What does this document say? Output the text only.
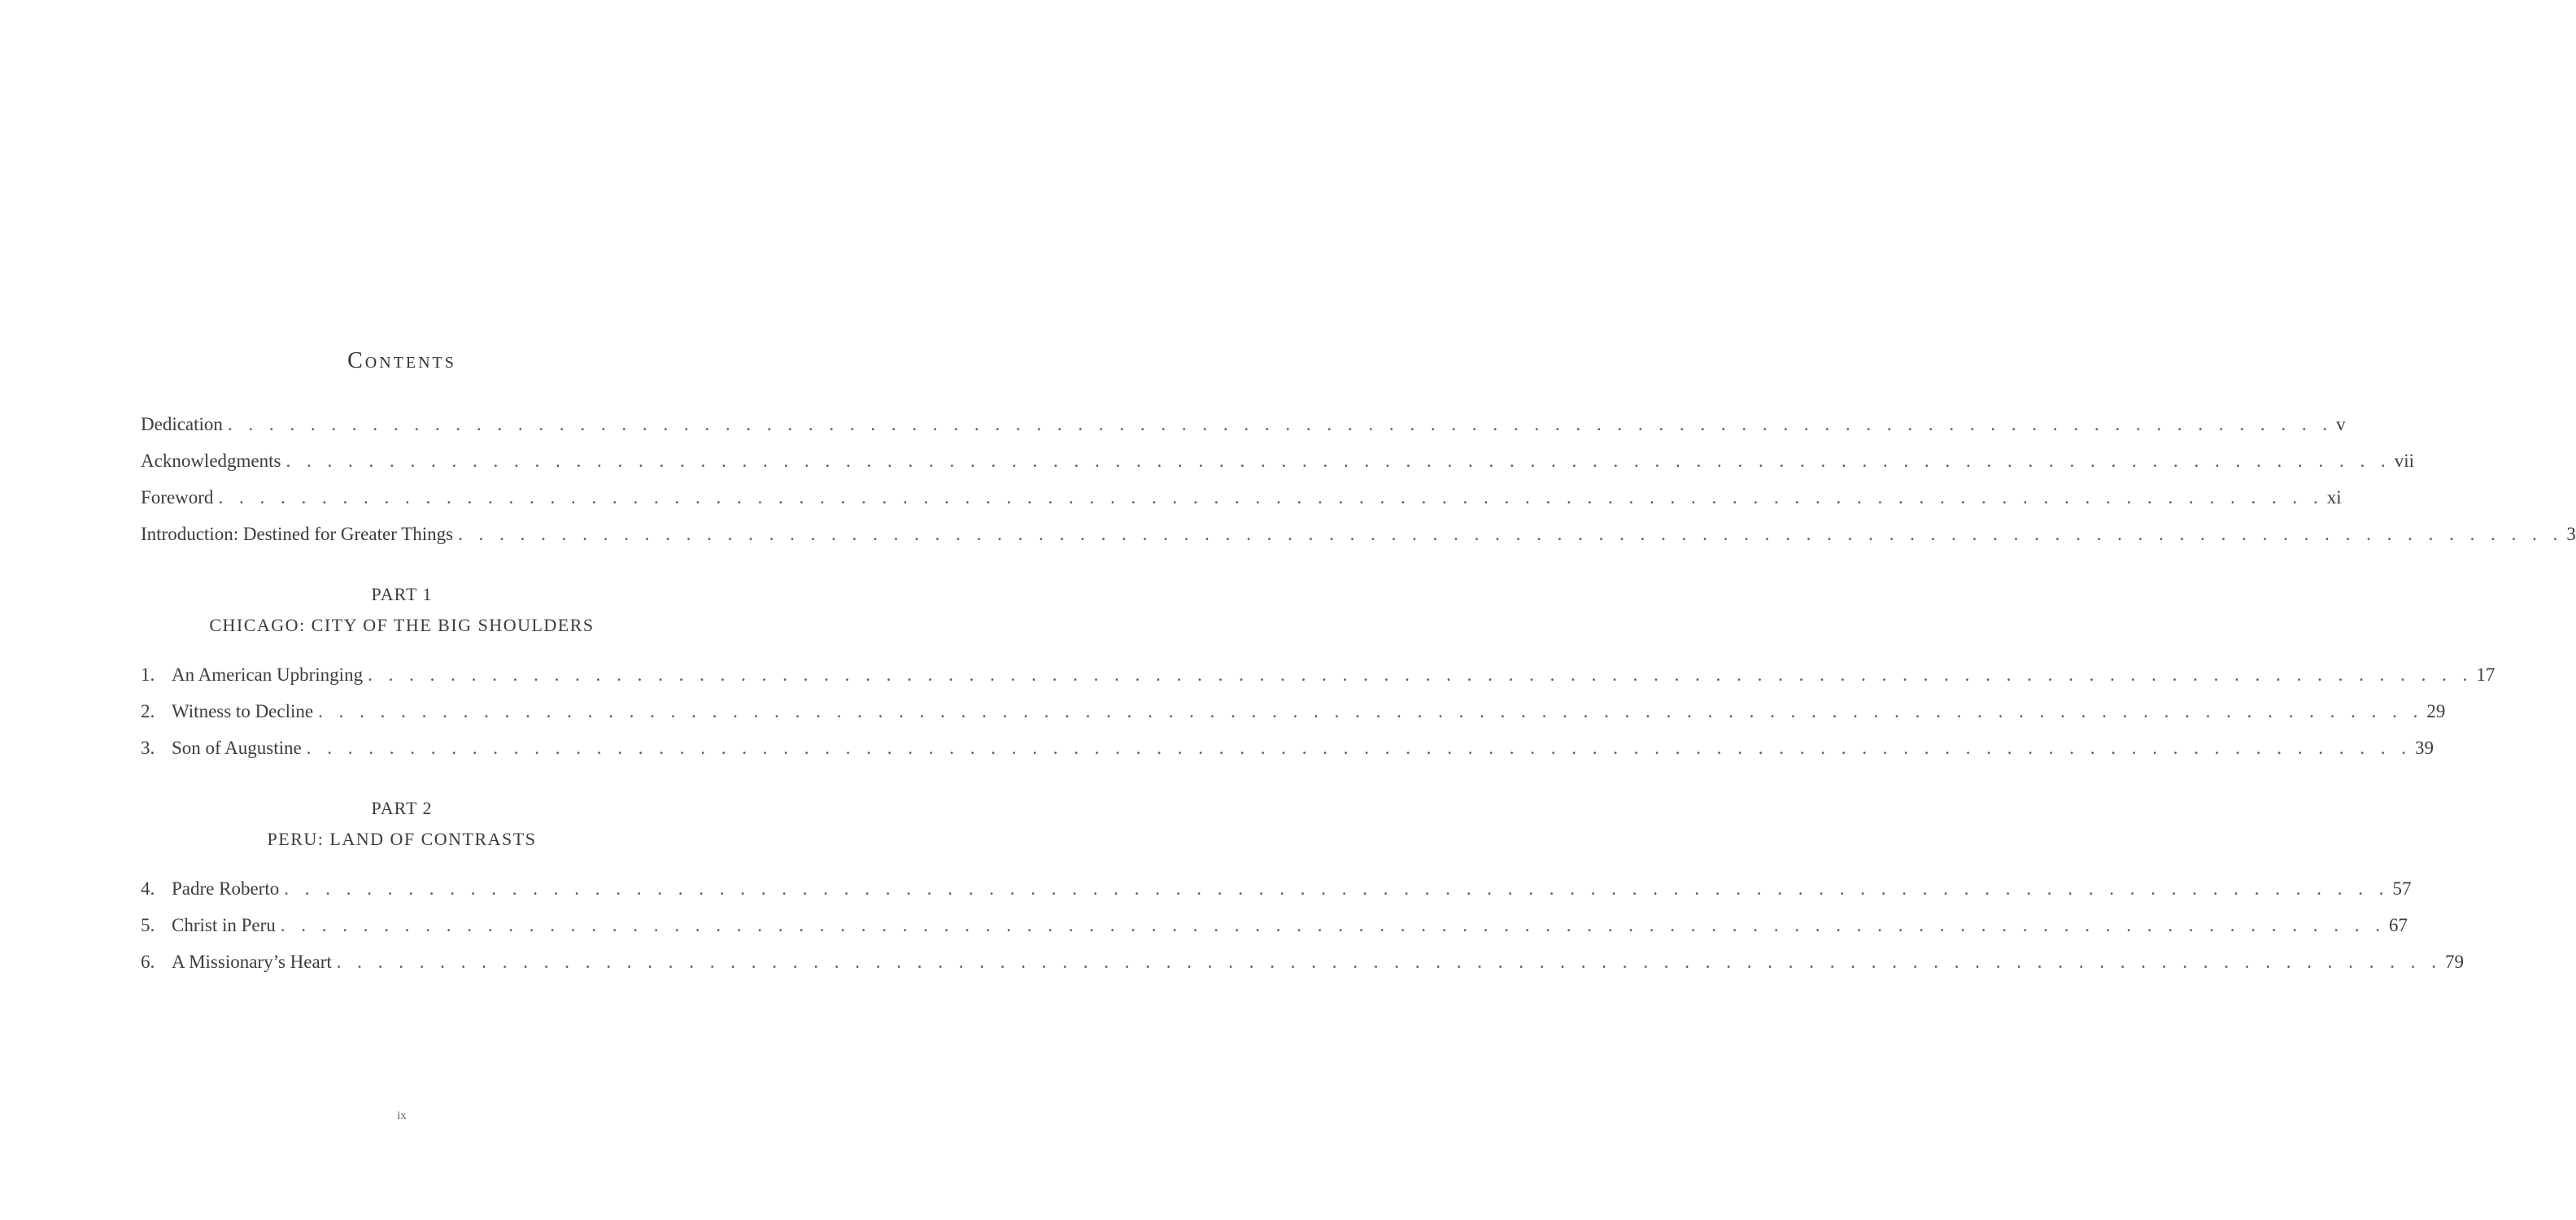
Contents
Dedication . . . . . . . . . . . . . . . . . . . . . . . . . . . . . . . . . . . . . . . . . . . . . . . . . . . . . . . . . . . . . . . . . . . . . . . . . . . . . . . . . . . . . . . . . . . . . . . . . . . . . . v
Acknowledgments . . . . . . . . . . . . . . . . . . . . . . . . . . . . . . . . . . . . . . . . . . . . . . . . . . . . . . . . . . . . . . . . . . . . . . . . . . . . . . . . . . . . . . . . . . . . . . . . . . . . . . vii
Foreword . . . . . . . . . . . . . . . . . . . . . . . . . . . . . . . . . . . . . . . . . . . . . . . . . . . . . . . . . . . . . . . . . . . . . . . . . . . . . . . . . . . . . . . . . . . . . . . . . . . . . . xi
Introduction: Destined for Greater Things . . . . . . . . . . . . . . . . . . . . . . . . . . . . . . . . . . . . . . . . . . . . . . . . . . . . . . . . . . . . . . . . . . . . . . . . . . . . . . . . . . . . . . . . . . . . . . . . . . . . . . 3
PART 1
CHICAGO: CITY OF THE BIG SHOULDERS
1. An American Upbringing . . . . . . . . . . . . . . . . . . . . . . . . . . . . . . . . . . . . . . . . . . . . . . . . . . . . . . . . . . . . . . . . . . . . . . . . . . . . . . . . . . . . . . . . . . . . . . . . . . . . . . 17
2. Witness to Decline . . . . . . . . . . . . . . . . . . . . . . . . . . . . . . . . . . . . . . . . . . . . . . . . . . . . . . . . . . . . . . . . . . . . . . . . . . . . . . . . . . . . . . . . . . . . . . . . . . . . . . 29
3. Son of Augustine . . . . . . . . . . . . . . . . . . . . . . . . . . . . . . . . . . . . . . . . . . . . . . . . . . . . . . . . . . . . . . . . . . . . . . . . . . . . . . . . . . . . . . . . . . . . . . . . . . . . . . 39
PART 2
PERU: LAND OF CONTRASTS
4. Padre Roberto . . . . . . . . . . . . . . . . . . . . . . . . . . . . . . . . . . . . . . . . . . . . . . . . . . . . . . . . . . . . . . . . . . . . . . . . . . . . . . . . . . . . . . . . . . . . . . . . . . . . . . 57
5. Christ in Peru . . . . . . . . . . . . . . . . . . . . . . . . . . . . . . . . . . . . . . . . . . . . . . . . . . . . . . . . . . . . . . . . . . . . . . . . . . . . . . . . . . . . . . . . . . . . . . . . . . . . . . 67
6. A Missionary’s Heart . . . . . . . . . . . . . . . . . . . . . . . . . . . . . . . . . . . . . . . . . . . . . . . . . . . . . . . . . . . . . . . . . . . . . . . . . . . . . . . . . . . . . . . . . . . . . . . . . . . . . . 79
ix
